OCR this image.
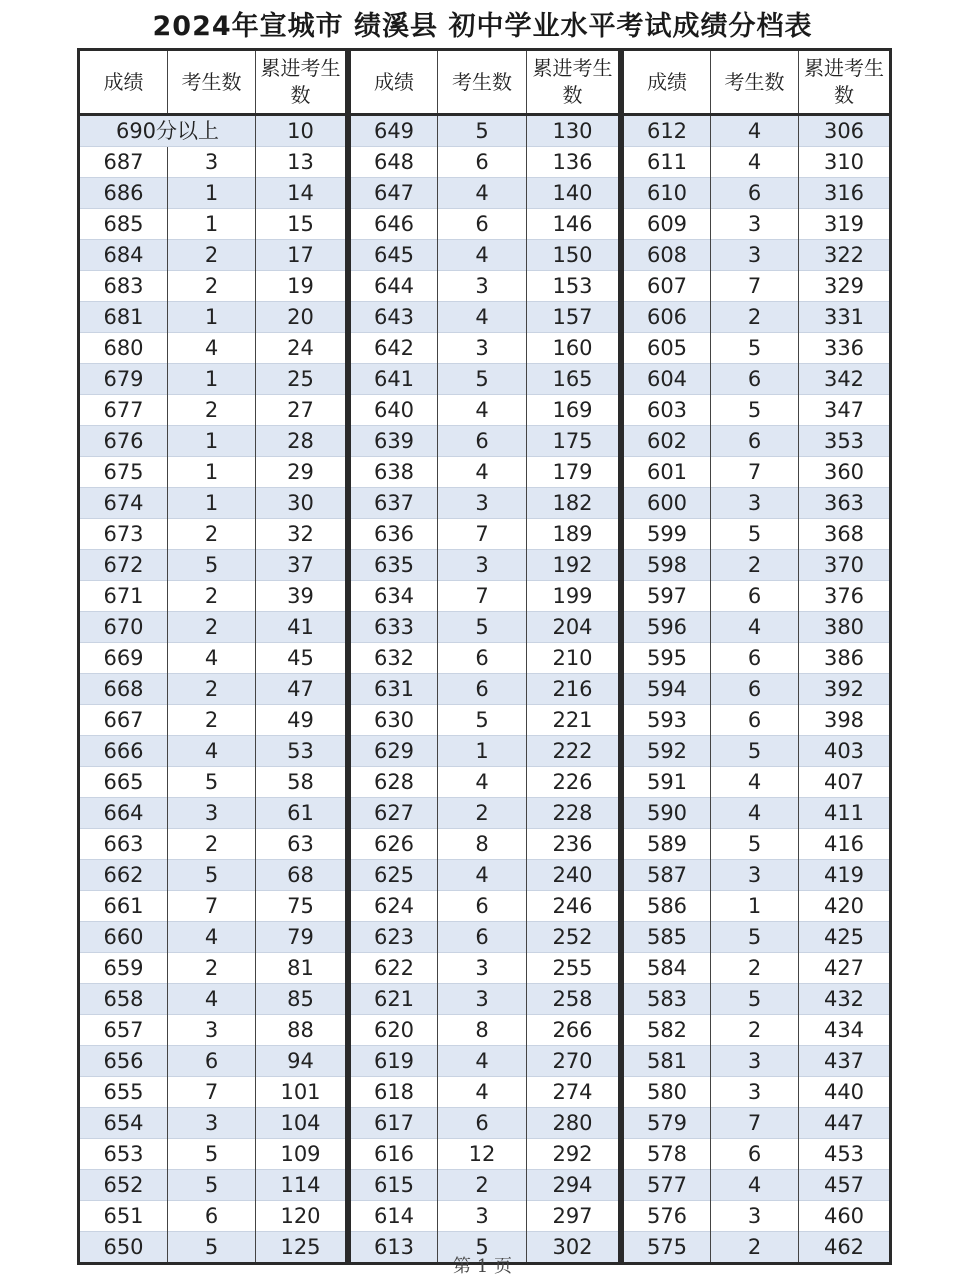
2024年宣城市 绩溪县 初中学业水平考试成绩分档表
成绩	考生数	累进考生数
690分以上		10
687	3	13
686	1	14
685	1	15
684	2	17
683	2	19
681	1	20
680	4	24
679	1	25
677	2	27
676	1	28
675	1	29
674	1	30
673	2	32
672	5	37
671	2	39
670	2	41
669	4	45
668	2	47
667	2	49
666	4	53
665	5	58
664	3	61
663	2	63
662	5	68
661	7	75
660	4	79
659	2	81
658	4	85
657	3	88
656	6	94
655	7	101
654	3	104
653	5	109
652	5	114
651	6	120
650	5	125
成绩	考生数	累进考生数
649	5	130
648	6	136
647	4	140
646	6	146
645	4	150
644	3	153
643	4	157
642	3	160
641	5	165
640	4	169
639	6	175
638	4	179
637	3	182
636	7	189
635	3	192
634	7	199
633	5	204
632	6	210
631	6	216
630	5	221
629	1	222
628	4	226
627	2	228
626	8	236
625	4	240
624	6	246
623	6	252
622	3	255
621	3	258
620	8	266
619	4	270
618	4	274
617	6	280
616	12	292
615	2	294
614	3	297
613	5	302
成绩	考生数	累进考生数
612	4	306
611	4	310
610	6	316
609	3	319
608	3	322
607	7	329
606	2	331
605	5	336
604	6	342
603	5	347
602	6	353
601	7	360
600	3	363
599	5	368
598	2	370
597	6	376
596	4	380
595	6	386
594	6	392
593	6	398
592	5	403
591	4	407
590	4	411
589	5	416
587	3	419
586	1	420
585	5	425
584	2	427
583	5	432
582	2	434
581	3	437
580	3	440
579	7	447
578	6	453
577	4	457
576	3	460
575	2	462
第 1 页
